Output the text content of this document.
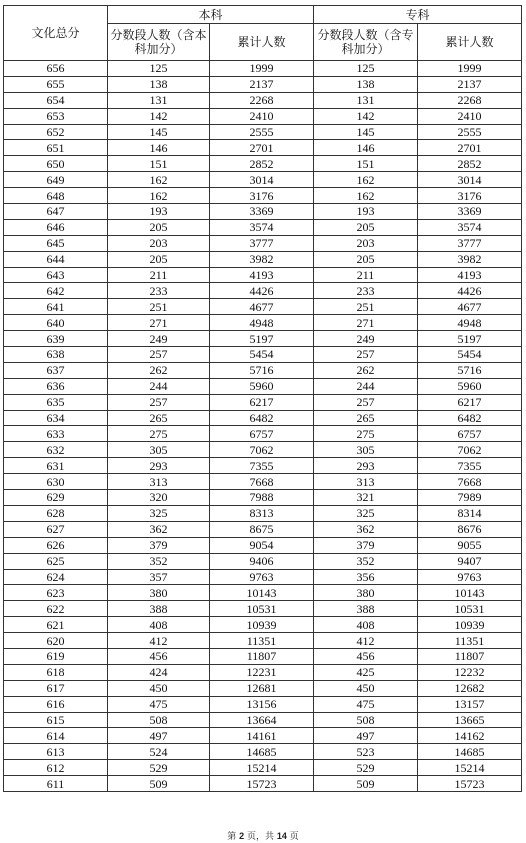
文化总分	本科		专科	
	分数段人数（含本科加分）	累计人数	分数段人数（含专科加分）	累计人数
656	125	1999	125	1999
655	138	2137	138	2137
654	131	2268	131	2268
653	142	2410	142	2410
652	145	2555	145	2555
651	146	2701	146	2701
650	151	2852	151	2852
649	162	3014	162	3014
648	162	3176	162	3176
647	193	3369	193	3369
646	205	3574	205	3574
645	203	3777	203	3777
644	205	3982	205	3982
643	211	4193	211	4193
642	233	4426	233	4426
641	251	4677	251	4677
640	271	4948	271	4948
639	249	5197	249	5197
638	257	5454	257	5454
637	262	5716	262	5716
636	244	5960	244	5960
635	257	6217	257	6217
634	265	6482	265	6482
633	275	6757	275	6757
632	305	7062	305	7062
631	293	7355	293	7355
630	313	7668	313	7668
629	320	7988	321	7989
628	325	8313	325	8314
627	362	8675	362	8676
626	379	9054	379	9055
625	352	9406	352	9407
624	357	9763	356	9763
623	380	10143	380	10143
622	388	10531	388	10531
621	408	10939	408	10939
620	412	11351	412	11351
619	456	11807	456	11807
618	424	12231	425	12232
617	450	12681	450	12682
616	475	13156	475	13157
615	508	13664	508	13665
614	497	14161	497	14162
613	524	14685	523	14685
612	529	15214	529	15214
611	509	15723	509	15723
第 2 页，共 14 页
